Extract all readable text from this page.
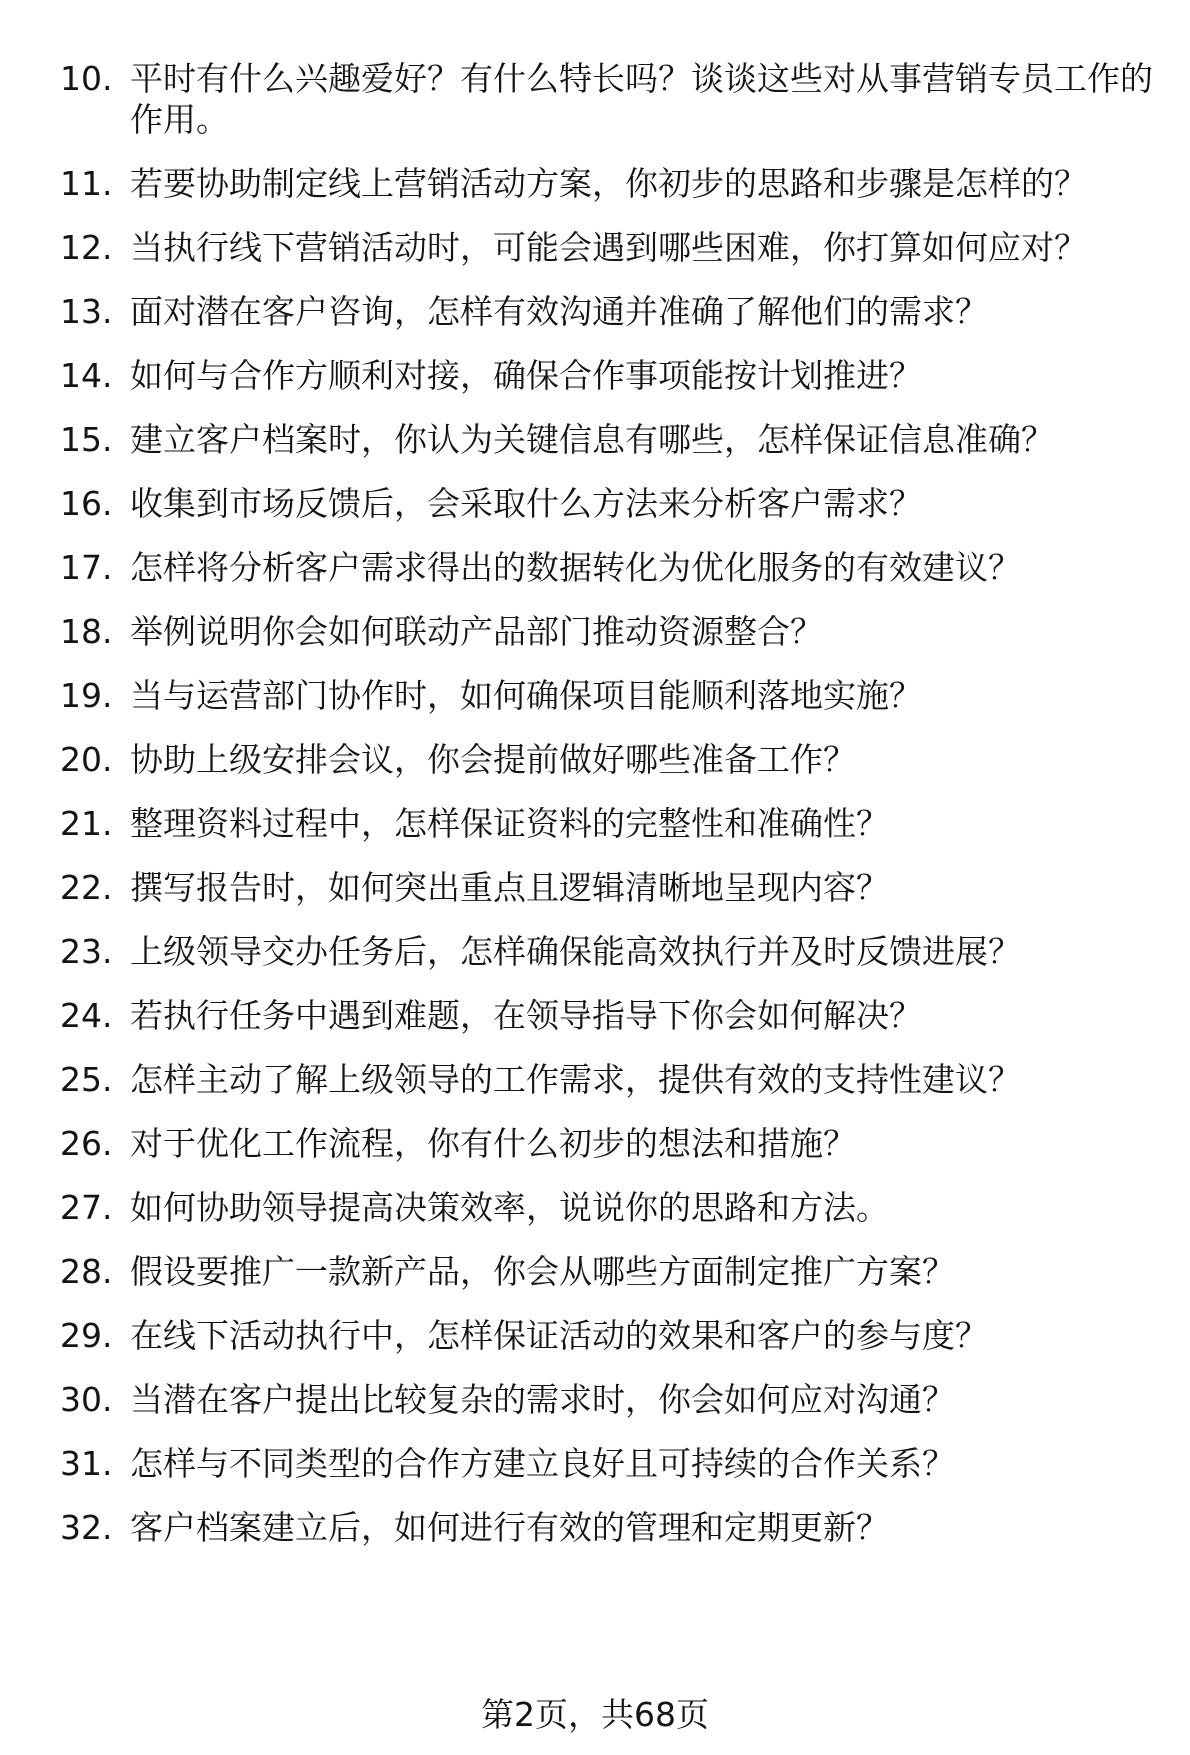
10. 平时有什么兴趣爱好？有什么特长吗？谈谈这些对从事营销专员工作的作用。
11. 若要协助制定线上营销活动方案，你初步的思路和步骤是怎样的？
12. 当执行线下营销活动时，可能会遇到哪些困难，你打算如何应对？
13. 面对潜在客户咨询，怎样有效沟通并准确了解他们的需求？
14. 如何与合作方顺利对接，确保合作事项能按计划推进？
15. 建立客户档案时，你认为关键信息有哪些，怎样保证信息准确？
16. 收集到市场反馈后，会采取什么方法来分析客户需求？
17. 怎样将分析客户需求得出的数据转化为优化服务的有效建议？
18. 举例说明你会如何联动产品部门推动资源整合？
19. 当与运营部门协作时，如何确保项目能顺利落地实施？
20. 协助上级安排会议，你会提前做好哪些准备工作？
21. 整理资料过程中，怎样保证资料的完整性和准确性？
22. 撰写报告时，如何突出重点且逻辑清晰地呈现内容？
23. 上级领导交办任务后，怎样确保能高效执行并及时反馈进展？
24. 若执行任务中遇到难题，在领导指导下你会如何解决？
25. 怎样主动了解上级领导的工作需求，提供有效的支持性建议？
26. 对于优化工作流程，你有什么初步的想法和措施？
27. 如何协助领导提高决策效率，说说你的思路和方法。
28. 假设要推广一款新产品，你会从哪些方面制定推广方案？
29. 在线下活动执行中，怎样保证活动的效果和客户的参与度？
30. 当潜在客户提出比较复杂的需求时，你会如何应对沟通？
31. 怎样与不同类型的合作方建立良好且可持续的合作关系？
32. 客户档案建立后，如何进行有效的管理和定期更新？
第2页，共68页
